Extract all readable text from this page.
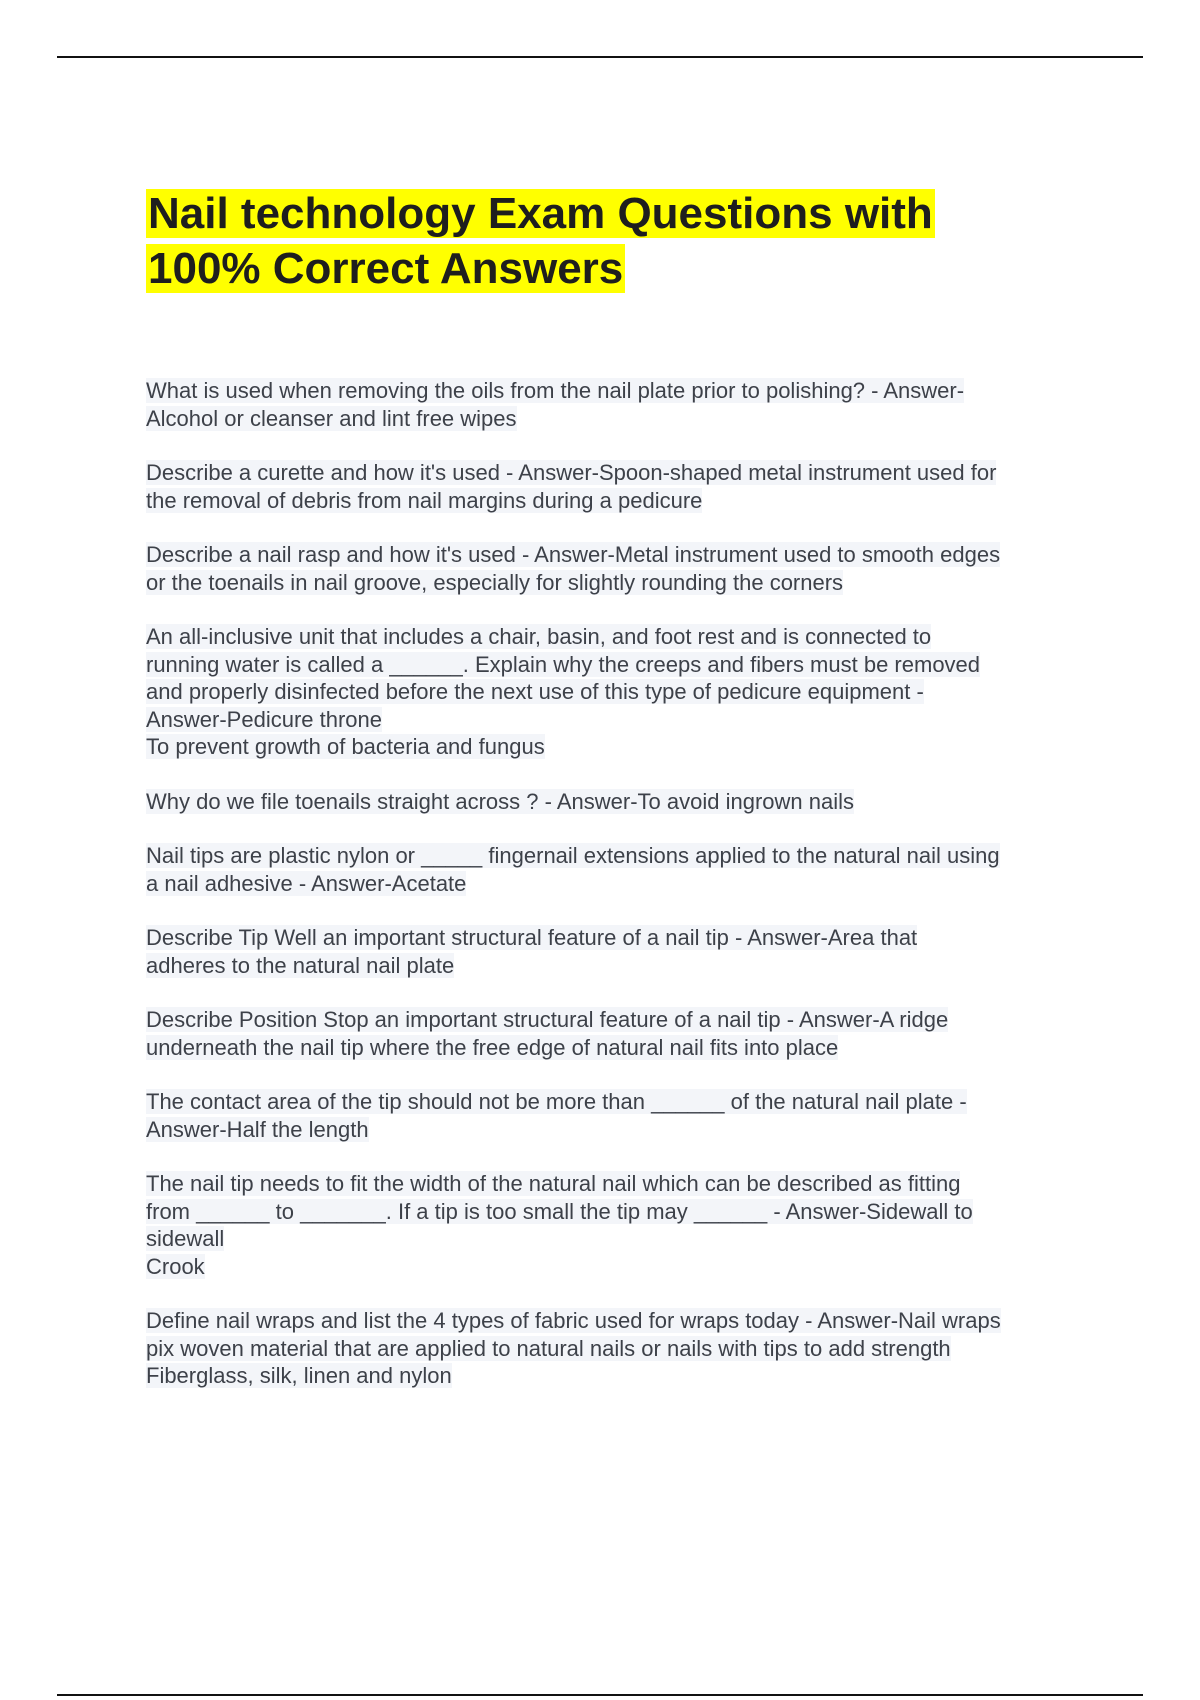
Nail technology Exam Questions with
100% Correct Answers
What is used when removing the oils from the nail plate prior to polishing? - Answer-
Alcohol or cleanser and lint free wipes
Describe a curette and how it's used - Answer-Spoon-shaped metal instrument used for
the removal of debris from nail margins during a pedicure
Describe a nail rasp and how it's used - Answer-Metal instrument used to smooth edges
or the toenails in nail groove, especially for slightly rounding the corners
An all-inclusive unit that includes a chair, basin, and foot rest and is connected to
running water is called a ______. Explain why the creeps and fibers must be removed
and properly disinfected before the next use of this type of pedicure equipment -
Answer-Pedicure throne
To prevent growth of bacteria and fungus
Why do we file toenails straight across ? - Answer-To avoid ingrown nails
Nail tips are plastic nylon or _____ fingernail extensions applied to the natural nail using
a nail adhesive - Answer-Acetate
Describe Tip Well an important structural feature of a nail tip - Answer-Area that
adheres to the natural nail plate
Describe Position Stop an important structural feature of a nail tip - Answer-A ridge
underneath the nail tip where the free edge of natural nail fits into place
The contact area of the tip should not be more than ______ of the natural nail plate -
Answer-Half the length
The nail tip needs to fit the width of the natural nail which can be described as fitting
from ______ to _______. If a tip is too small the tip may ______ - Answer-Sidewall to
sidewall
Crook
Define nail wraps and list the 4 types of fabric used for wraps today - Answer-Nail wraps
pix woven material that are applied to natural nails or nails with tips to add strength
Fiberglass, silk, linen and nylon
